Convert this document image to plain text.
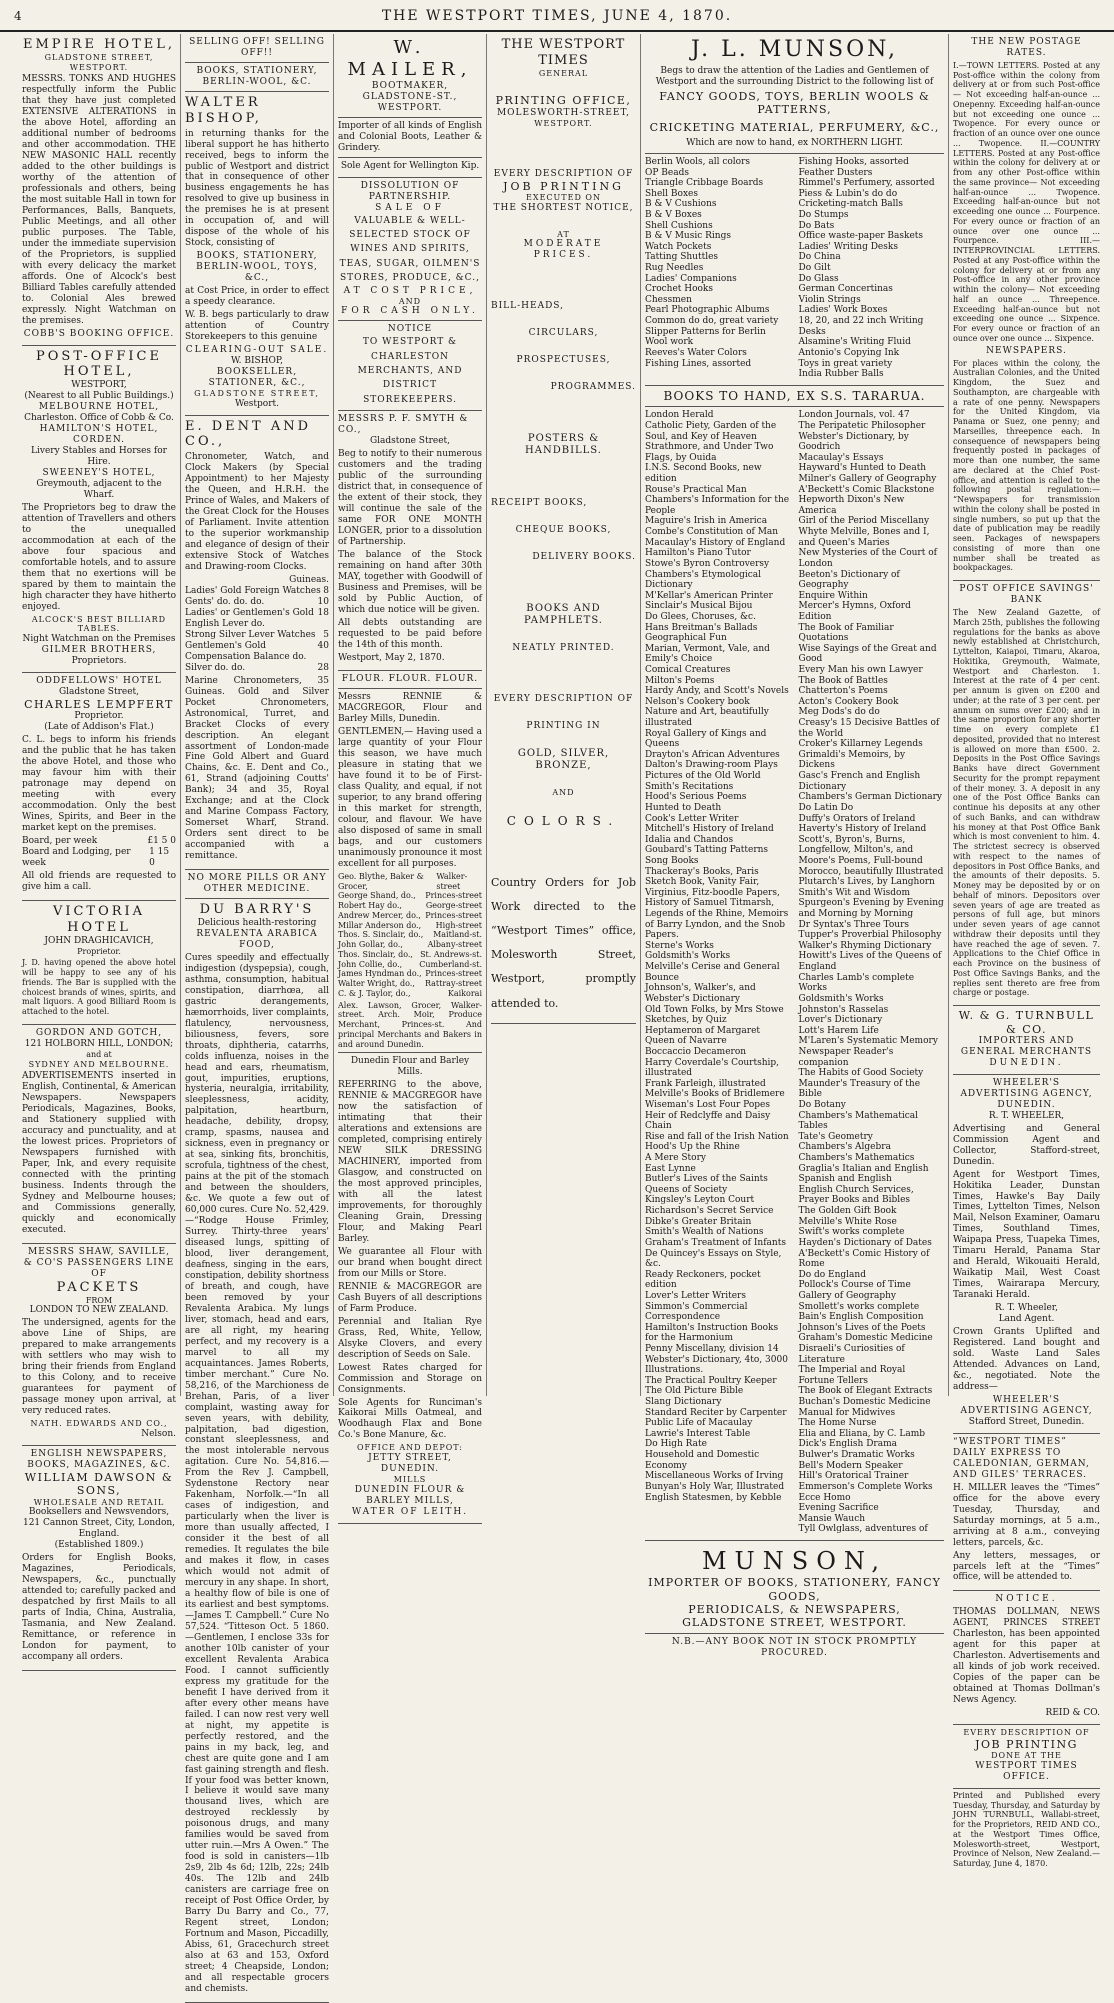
4	THE WESTPORT TIMES, JUNE 4, 1870.
EMPIRE HOTEL,
GLADSTONE STREET,
WESTPORT.

MESSRS. TONKS AND HUGHES respectfully inform the Public that they have just completed EXTENSIVE ALTERATIONS in the above Hotel, affording an additional number of bedrooms and other accommodation. THE NEW MASONIC HALL recently added to the other buildings is worthy of the attention of professionals and others, being the most suitable Hall in town for Performances, Balls, Banquets, Public Meetings, and all other public purposes. The Table, under the immediate supervision of the Proprietors, is supplied with every delicacy the market affords. One of Alcock's best Billiard Tables carefully attended to. Colonial Ales brewed expressly. Night Watchman on the premises.

COBB'S BOOKING OFFICE.
POST-OFFICE HOTEL,
WESTPORT,
(Nearest to all Public Buildings.)
MELBOURNE HOTEL,
Charleston. Office of Cobb & Co.
HAMILTON'S HOTEL, CORDEN.
Livery Stables and Horses for Hire.
SWEENEY'S HOTEL,
Greymouth, adjacent to the Wharf.

The Proprietors beg to draw the attention of Travellers and others to the unequalled accommodation at each of the above four spacious and comfortable hotels, and to assure them that no exertions will be spared by them to maintain the high character they have hitherto enjoyed.

ALCOCK'S BEST BILLIARD TABLES.
Night Watchman on the Premises
GILMER BROTHERS,
Proprietors.
ODDFELLOWS' HOTEL
Gladstone Street,
CHARLES LEMPFERT
Proprietor.
(Late of Addison's Flat.)

C. L. begs to inform his friends and the public that he has taken the above Hotel, and those who may favour him with their patronage may depend on meeting with every accommodation. Only the best Wines, Spirits, and Beer in the market kept on the premises.

Board, per week	£1 5 0
Board and Lodging, per week
1 15 0

All old friends are requested to give him a call.

VICTORIA HOTEL
JOHN DRAGHICAVICH,
Proprietor.

J. D. having opened the above hotel will be happy to see any of his friends. The Bar is supplied with the choicest brands of wines, spirits, and malt liquors. A good Billiard Room is attached to the hotel.

GORDON AND GOTCH,
121 HOLBORN HILL, LONDON;
and at
SYDNEY AND MELBOURNE.

ADVERTISEMENTS inserted in English, Continental, & American Newspapers. Newspapers Periodicals, Magazines, Books, and Stationery supplied with accuracy and punctuality, and at the lowest prices. Proprietors of Newspapers furnished with Paper, Ink, and every requisite connected with the printing business. Indents through the Sydney and Melbourne houses; and Commissions generally, quickly and economically executed.

MESSRS SHAW, SAVILLE, & CO'S PASSENGERS LINE OF
PACKETS
FROM
LONDON TO NEW ZEALAND.

The undersigned, agents for the above Line of Ships, are prepared to make arrangements with settlers who may wish to bring their friends from England to this Colony, and to receive guarantees for payment of passage money upon arrival, at very reduced rates.

NATH. EDWARDS AND CO.,
Nelson.
ENGLISH NEWSPAPERS, BOOKS, MAGAZINES, &C.
WILLIAM DAWSON & SONS,
WHOLESALE AND RETAIL
Booksellers and Newsvendors,
121 Cannon Street, City, London, England.
(Established 1809.)

Orders for English Books, Magazines, Periodicals, Newspapers, &c., punctually attended to; carefully packed and despatched by first Mails to all parts of India, China, Australia, Tasmania, and New Zealand. Remittance, or reference in London for payment, to accompany all orders.

SELLING OFF! SELLING OFF!!
BOOKS, STATIONERY, BERLIN-WOOL, &C.
WALTER BISHOP,

in returning thanks for the liberal support he has hitherto received, begs to inform the public of Westport and district that in consequence of other business engagements he has resolved to give up business in the premises he is at present in occupation of, and will dispose of the whole of his Stock, consisting of

BOOKS, STATIONERY, BERLIN-WOOL, TOYS, &C.,

at Cost Price, in order to effect a speedy clearance.

W. B. begs particularly to draw attention of Country Storekeepers to this genuine

CLEARING-OUT SALE.
W. BISHOP,
BOOKSELLER, STATIONER, &C.,
GLADSTONE STREET,
Westport.
E. DENT AND CO.,

Chronometer, Watch, and Clock Makers (by Special Appointment) to her Majesty the Queen, and H.R.H. the Prince of Wales, and Makers of the Great Clock for the Houses of Parliament. Invite attention to the superior workmanship and elegance of design of their extensive Stock of Watches and Drawing-room Clocks.

Guineas.
Ladies' Gold Foreign Watches 8
Gents' do. do. do.	10
Ladies' or Gentlemen's Gold English Lever do.
18
Strong Silver Lever Watches 5
Gentlemen's Gold Compensation Balance do.
40
Silver do. do.	28

Marine Chronometers, 35 Guineas. Gold and Silver Pocket Chronometers, Astronomical, Turret, and Bracket Clocks of every description. An elegant assortment of London-made Fine Gold Albert and Guard Chains, &c. E. Dent and Co., 61, Strand (adjoining Coutts' Bank); 34 and 35, Royal Exchange; and at the Clock and Marine Compass Factory, Somerset Wharf, Strand. Orders sent direct to be accompanied with a remittance.

NO MORE PILLS OR ANY OTHER MEDICINE.
DU BARRY'S
Delicious health-restoring
REVALENTA ARABICA FOOD,

Cures speedily and effectually indigestion (dyspepsia), cough, asthma, consumption, habitual constipation, diarrhœa, all gastric derangements, hæmorrhoids, liver complaints, flatulency, nervousness, biliousness, fevers, sore throats, diphtheria, catarrhs, colds influenza, noises in the head and ears, rheumatism, gout, impurities, eruptions, hysteria, neuralgia, irritability, sleeplessness, acidity, palpitation, heartburn, headache, debility, dropsy, cramp, spasms, nausea and sickness, even in pregnancy or at sea, sinking fits, bronchitis, scrofula, tightness of the chest, pains at the pit of the stomach and between the shoulders, &c. We quote a few out of 60,000 cures. Cure No. 52,429.—“Rodge House Frimley, Surrey. Thirty-three years' diseased lungs, spitting of blood, liver derangement, deafness, singing in the ears, constipation, debility shortness of breath, and cough, have been removed by your Revalenta Arabica. My lungs liver, stomach, head and ears, are all right, my hearing perfect, and my recovery is a marvel to all my acquaintances. James Roberts, timber merchant.” Cure No. 58,216, of the Marchioness de Brehan, Paris, of a liver complaint, wasting away for seven years, with debility, palpitation, bad digestion, constant sleeplessness, and the most intolerable nervous agitation. Cure No. 54,816.—From the Rev J. Campbell, Sydenstone Rectory near Fakenham, Norfolk.—“In all cases of indigestion, and particularly when the liver is more than usually affected, I consider it the best of all remedies. It regulates the bile and makes it flow, in cases which would not admit of mercury in any shape. In short, a healthy flow of bile is one of its earliest and best symptoms.—James T. Campbell.” Cure No 57,524. “Titteson Oct. 5 1860.—Gentlemen, I enclose 33s for another 10lb canister of your excellent Revalenta Arabica Food. I cannot sufficiently express my gratitude for the benefit I have derived from it after every other means have failed. I can now rest very well at night, my appetite is perfectly restored, and the pains in my back, leg, and chest are quite gone and I am fast gaining strength and flesh. If your food was better known, I believe it would save many thousand lives, which are destroyed recklessly by poisonous drugs, and many families would be saved from utter ruin.—Mrs A Owen.” The food is sold in canisters—1lb 2s9, 2lb 4s 6d; 12lb, 22s; 24lb 40s. The 12lb and 24lb canisters are carriage free on receipt of Post Office Order, by Barry Du Barry and Co., 77, Regent street, London; Fortnum and Mason, Piccadilly, Abiss, 61, Gracechurch street also at 63 and 153, Oxford street; 4 Cheapside, London; and all respectable grocers and chemists.

W. MAILER,
BOOTMAKER,
GLADSTONE-ST., WESTPORT.

Importer of all kinds of English and Colonial Boots, Leather & Grindery.

Sole Agent for Wellington Kip.
DISSOLUTION OF PARTNERSHIP.
SALE OF
VALUABLE & WELL-SELECTED STOCK OF WINES AND SPIRITS, TEAS, SUGAR, OILMEN'S STORES, PRODUCE, &C.,
AT COST PRICE,
AND
FOR CASH ONLY.
NOTICE
TO WESTPORT & CHARLESTON MERCHANTS, AND DISTRICT STOREKEEPERS.
MESSRS P. F. SMYTH & CO.,
Gladstone Street,

Beg to notify to their numerous customers and the trading public of the surrounding district that, in consequence of the extent of their stock, they will continue the sale of the same FOR ONE MONTH LONGER, prior to a dissolution of Partnership.

The balance of the Stock remaining on hand after 30th MAY, together with Goodwill of Business and Premises, will be sold by Public Auction, of which due notice will be given.

All debts outstanding are requested to be paid before the 14th of this month.

Westport, May 2, 1870.

FLOUR. FLOUR. FLOUR.

Messrs RENNIE & MACGREGOR, Flour and Barley Mills, Dunedin.

GENTLEMEN,— Having used a large quantity of your Flour this season, we have much pleasure in stating that we have found it to be of First-class Quality, and equal, if not superior, to any brand offering in this market for strength, colour, and flavour. We have also disposed of same in small bags, and our customers unanimously pronounce it most excellent for all purposes.

Geo. Blythe, Baker & Grocer,
Walker-street
George Shand, do., Princes-street
Robert Hay do.,	George-street
Andrew Mercer, do., Princes-street
Millar Anderson do., High-street
Thos. S. Sinclair, do., Maitland-st.
John Gollar, do.,	Albany-street
Thos. Sinclair, do., St. Andrews-st.
John Collie, do., Cumberland-st.
James Hyndman do., Princes-street
Walter Wright, do., Rattray-street
C. & J. Taylor, do.,	Kaikorai

Alex. Lawson, Grocer, Walker-street. Arch. Moir, Produce Merchant, Princes-st. And principal Merchants and Bakers in and around Dunedin.

Dunedin Flour and Barley Mills.

REFERRING to the above, RENNIE & MACGREGOR have now the satisfaction of intimating that their alterations and extensions are completed, comprising entirely NEW SILK DRESSING MACHINERY, imported from Glasgow, and constructed on the most approved principles, with all the latest improvements, for thoroughly Cleaning Grain, Dressing Flour, and Making Pearl Barley.

We guarantee all Flour with our brand when bought direct from our Mills or Store.

RENNIE & MACGREGOR are Cash Buyers of all descriptions of Farm Produce.

Perennial and Italian Rye Grass, Red, White, Yellow, Alsyke Clovers, and every description of Seeds on Sale.

Lowest Rates charged for Commission and Storage on Consignments.

Sole Agents for Runciman's Kaikorai Mills Oatmeal, and Woodhaugh Flax and Bone Co.'s Bone Manure, &c.

OFFICE AND DEPOT:
JETTY STREET, DUNEDIN.
MILLS
DUNEDIN FLOUR & BARLEY MILLS,
WATER OF LEITH.
THE WESTPORT TIMES
GENERAL
PRINTING OFFICE,
MOLESWORTH-STREET,
WESTPORT.
EVERY DESCRIPTION OF
JOB PRINTING
EXECUTED ON
THE SHORTEST NOTICE,
AT
MODERATE PRICES.
BILL-HEADS,
CIRCULARS,
PROSPECTUSES,
PROGRAMMES.
POSTERS & HANDBILLS.
RECEIPT BOOKS,
CHEQUE BOOKS,
DELIVERY BOOKS.
BOOKS AND PAMPHLETS.
NEATLY PRINTED.
EVERY DESCRIPTION OF
PRINTING IN
GOLD, SILVER, BRONZE,
AND
COLORS.

Country Orders for Job Work directed to the “Westport Times” office, Molesworth Street, Westport, promptly attended to.

J. L. MUNSON,

Begs to draw the attention of the Ladies and Gentlemen of Westport and the surrounding District to the following list of

FANCY GOODS, TOYS, BERLIN WOOLS & PATTERNS,
CRICKETING MATERIAL, PERFUMERY, &C.,
Which are now to hand, ex NORTHERN LIGHT.
Berlin Wools, all colors
OP Beads
Triangle Cribbage Boards
Shell Boxes
B & V Cushions
B & V Boxes
Shell Cushions
B & V Music Rings
Watch Pockets
Tatting Shuttles
Rug Needles
Ladies' Companions
Crochet Hooks
Chessmen
Pearl Photographic Albums
Common do do, great variety
Slipper Patterns for Berlin Wool work
Reeves's Water Colors
Fishing Lines, assorted
Fishing Hooks, assorted
Feather Dusters
Rimmel's Perfumery, assorted
Piess & Lubin's do do
Cricketing-match Balls
Do Stumps
Do Bats
Office waste-paper Baskets
Ladies' Writing Desks
Do China
Do Gilt
Do Glass
German Concertinas
Violin Strings
Ladies' Work Boxes
18, 20, and 22 inch Writing Desks
Alsamine's Writing Fluid
Antonio's Copying Ink
Toys in great variety
India Rubber Balls
BOOKS TO HAND, EX S.S. TARARUA.
London Herald
Catholic Piety, Garden of the Soul, and Key of Heaven
Strathmore, and Under Two Flags, by Ouida
I.N.S. Second Books, new edition
Rouse's Practical Man
Chambers's Information for the People
Maguire's Irish in America
Combe's Constitution of Man
Macaulay's History of England
Hamilton's Piano Tutor
Stowe's Byron Controversy
Chambers's Etymological Dictionary
M'Kellar's American Printer
Sinclair's Musical Bijou
Do Glees, Choruses, &c.
Hans Breitman's Ballads
Geographical Fun
Marian, Vermont, Vale, and Emily's Choice
Comical Creatures
Milton's Poems
Hardy Andy, and Scott's Novels
Nelson's Cookery book
Nature and Art, beautifully illustrated
Royal Gallery of Kings and Queens
Drayton's African Adventures
Dalton's Drawing-room Plays
Pictures of the Old World
Smith's Recitations
Hood's Serious Poems
Hunted to Death
Cook's Letter Writer
Mitchell's History of Ireland
Idalia and Chandos
Goubard's Tatting Patterns
Song Books
Thackeray's Books, Paris Sketch Book, Vanity Fair, Virginius, Fitz-boodle Papers, History of Samuel Titmarsh, Legends of the Rhine, Memoirs of Barry Lyndon, and the Snob Papers.
Sterne's Works
Goldsmith's Works
Melville's Cerise and General Bounce
Johnson's, Walker's, and Webster's Dictionary
Old Town Folks, by Mrs Stowe
Sketches, by Quiz
Heptameron of Margaret Queen of Navarre
Boccaccio Decameron
Harry Coverdale's Courtship, illustrated
Frank Farleigh, illustrated
Melville's Books of Bridlemere
Wiseman's Lost Four Popes
Heir of Redclyffe and Daisy Chain
Rise and fall of the Irish Nation
Hood's Up the Rhine
A Mere Story
East Lynne
Butler's Lives of the Saints
Queens of Society
Kingsley's Leyton Court
Richardson's Secret Service
Dibke's Greater Britain
Smith's Wealth of Nations
Graham's Treatment of Infants
De Quincey's Essays on Style, &c.
Ready Reckoners, pocket edition
Lover's Letter Writers
Simmon's Commercial Correspondence
Hamilton's Instruction Books for the Harmonium
Penny Miscellany, division 14
Webster's Dictionary, 4to, 3000 Illustrations.
The Practical Poultry Keeper
The Old Picture Bible
Slang Dictionary
Standard Reciter by Carpenter
Public Life of Macaulay
Lawrie's Interest Table
Do High Rate
Household and Domestic Economy
Miscellaneous Works of Irving
Bunyan's Holy War, Illustrated
English Statesmen, by Kebble
London Journals, vol. 47
The Peripatetic Philosopher
Webster's Dictionary, by Goodrich
Macaulay's Essays
Hayward's Hunted to Death
Milner's Gallery of Geography
A'Beckett's Comic Blackstone
Hepworth Dixon's New America
Girl of the Period Miscellany
Whyte Melville, Bones and I, and Queen's Maries
New Mysteries of the Court of London
Beeton's Dictionary of Geography
Enquire Within
Mercer's Hymns, Oxford Edition
The Book of Familiar Quotations
Wise Sayings of the Great and Good
Every Man his own Lawyer
The Book of Battles
Chatterton's Poems
Acton's Cookery Book
Meg Dods's do do
Creasy's 15 Decisive Battles of the World
Croker's Killarney Legends
Grimaldi's Memoirs, by Dickens
Gasc's French and English Dictionary
Chambers's German Dictionary
Do Latin Do
Duffy's Orators of Ireland
Haverty's History of Ireland
Scott's, Byron's, Burns, Longfellow, Milton's, and Moore's Poems, Full-bound Morocco, beautifully Illustrated
Plutarch's Lives, by Langhorn
Smith's Wit and Wisdom
Spurgeon's Evening by Evening and Morning by Morning
Dr Syntax's Three Tours
Tupper's Proverbial Philosophy
Walker's Rhyming Dictionary
Howitt's Lives of the Queens of England
Charles Lamb's complete Works
Goldsmith's Works
Johnston's Rasselas
Lover's Dictionary
Lott's Harem Life
M'Laren's Systematic Memory
Newspaper Reader's companion
The Habits of Good Society
Maunder's Treasury of the Bible
Do Botany
Chambers's Mathematical Tables
Tate's Geometry
Chambers's Algebra
Chambers's Mathematics
Graglia's Italian and English
Spanish and English
English Church Services, Prayer Books and Bibles
The Golden Gift Book
Melville's White Rose
Swift's works complete
Hayden's Dictionary of Dates
A'Beckett's Comic History of Rome
Do do England
Pollock's Course of Time
Gallery of Geography
Smollett's works complete
Bain's English Composition
Johnson's Lives of the Poets
Graham's Domestic Medicine
Disraeli's Curiosities of Literature
The Imperial and Royal Fortune Tellers
The Book of Elegant Extracts
Buchan's Domestic Medicine
Manual for Midwives
The Home Nurse
Elia and Eliana, by C. Lamb
Dick's English Drama
Bulwer's Dramatic Works
Bell's Modern Speaker
Hill's Oratorical Trainer
Emmerson's Complete Works
Ecce Homo
Evening Sacrifice
Mansie Wauch
Tyll Owlglass, adventures of
MUNSON,
IMPORTER OF BOOKS, STATIONERY, FANCY GOODS,
PERIODICALS, & NEWSPAPERS,
GLADSTONE STREET, WESTPORT.
N.B.—ANY BOOK NOT IN STOCK PROMPTLY PROCURED.
THE NEW POSTAGE RATES.

I.—TOWN LETTERS. Posted at any Post-office within the colony from delivery at or from such Post-office— Not exceeding half-an-ounce ... Onepenny. Exceeding half-an-ounce but not exceeding one ounce ... Twopence. For every ounce or fraction of an ounce over one ounce ... Twopence. II.—COUNTRY LETTERS. Posted at any Post-office within the colony for delivery at or from any other Post-office within the same province— Not exceeding half-an-ounce ... Twopence. Exceeding half-an-ounce but not exceeding one ounce ... Fourpence. For every ounce or fraction of an ounce over one ounce ... Fourpence. III.—INTERPROVINCIAL LETTERS. Posted at any Post-office within the colony for delivery at or from any Post-office in any other province within the colony— Not exceeding half an ounce ... Threepence. Exceeding half-an-ounce but not exceeding one ounce ... Sixpence. For every ounce or fraction of an ounce over one ounce ... Sixpence.

NEWSPAPERS.

For places within the colony, the Australian Colonies, and the United Kingdom, the Suez and Southampton, are chargeable with a rate of one penny. Newspapers for the United Kingdom, via Panama or Suez, one penny; and Marseilles, threepence each. In consequence of newspapers being frequently posted in packages of more than one number, the same are declared at the Chief Post-office, and attention is called to the following postal regulation:— “Newspapers for transmission within the colony shall be posted in single numbers, so put up that the date of publication may be readily seen. Packages of newspapers consisting of more than one number shall be treated as bookpackages.

POST OFFICE SAVINGS' BANK

The New Zealand Gazette, of March 25th, publishes the following regulations for the banks as above newly established at Christchurch, Lyttelton, Kaiapoi, Timaru, Akaroa, Hokitika, Greymouth, Waimate, Westport and Charleston. 1. Interest at the rate of 4 per cent. per annum is given on £200 and under; at the rate of 3 per cent. per annum on sums over £200; and in the same proportion for any shorter time on every complete £1 deposited, provided that no interest is allowed on more than £500. 2. Deposits in the Post Office Savings Banks have direct Government Security for the prompt repayment of their money. 3. A deposit in any one of the Post Office Banks can continue his deposits at any other of such Banks, and can withdraw his money at that Post Office Bank which is most convenient to him. 4. The strictest secrecy is observed with respect to the names of depositors in Post Office Banks, and the amounts of their deposits. 5. Money may be deposited by or on behalf of minors. Depositors over seven years of age are treated as persons of full age, but minors under seven years of age cannot withdraw their deposits until they have reached the age of seven. 7. Applications to the Chief Office in each Province on the business of Post Office Savings Banks, and the replies sent thereto are free from charge or postage.

W. & G. TURNBULL & CO.
IMPORTERS AND GENERAL MERCHANTS
DUNEDIN.
WHEELER'S ADVERTISING AGENCY, DUNEDIN.
R. T. WHEELER,

Advertising and General Commission Agent and Collector, Stafford-street, Dunedin.

Agent for Westport Times, Hokitika Leader, Dunstan Times, Hawke's Bay Daily Times, Lyttelton Times, Nelson Mail, Nelson Examiner, Oamaru Times, Southland Times, Waipapa Press, Tuapeka Times, Timaru Herald, Panama Star and Herald, Wikouaiti Herald, Waikatip Mail, West Coast Times, Wairarapa Mercury, Taranaki Herald.

R. T. Wheeler,
Land Agent.

Crown Grants Uplifted and Registered. Land bought and sold. Waste Land Sales Attended. Advances on Land, &c., negotiated. Note the address—

WHEELER'S ADVERTISING AGENCY,
Stafford Street, Dunedin.
“WESTPORT TIMES” DAILY EXPRESS TO CALEDONIAN, GERMAN, AND GILES' TERRACES.

H. MILLER leaves the “Times” office for the above every Tuesday, Thursday, and Saturday mornings, at 5 a.m., arriving at 8 a.m., conveying letters, parcels, &c.

Any letters, messages, or parcels left at the “Times” office, will be attended to.

NOTICE.

THOMAS DOLLMAN, NEWS AGENT, PRINCES STREET Charleston, has been appointed agent for this paper at Charleston. Advertisements and all kinds of job work received. Copies of the paper can be obtained at Thomas Dollman's News Agency.

REID & CO.
EVERY DESCRIPTION OF
JOB PRINTING
DONE AT THE
WESTPORT TIMES OFFICE.

Printed and Published every Tuesday, Thursday, and Saturday by JOHN TURNBULL, Wallabi-street, for the Proprietors, REID AND CO., at the Westport Times Office, Molesworth-street, Westport, Province of Nelson, New Zealand.—Saturday, June 4, 1870.
